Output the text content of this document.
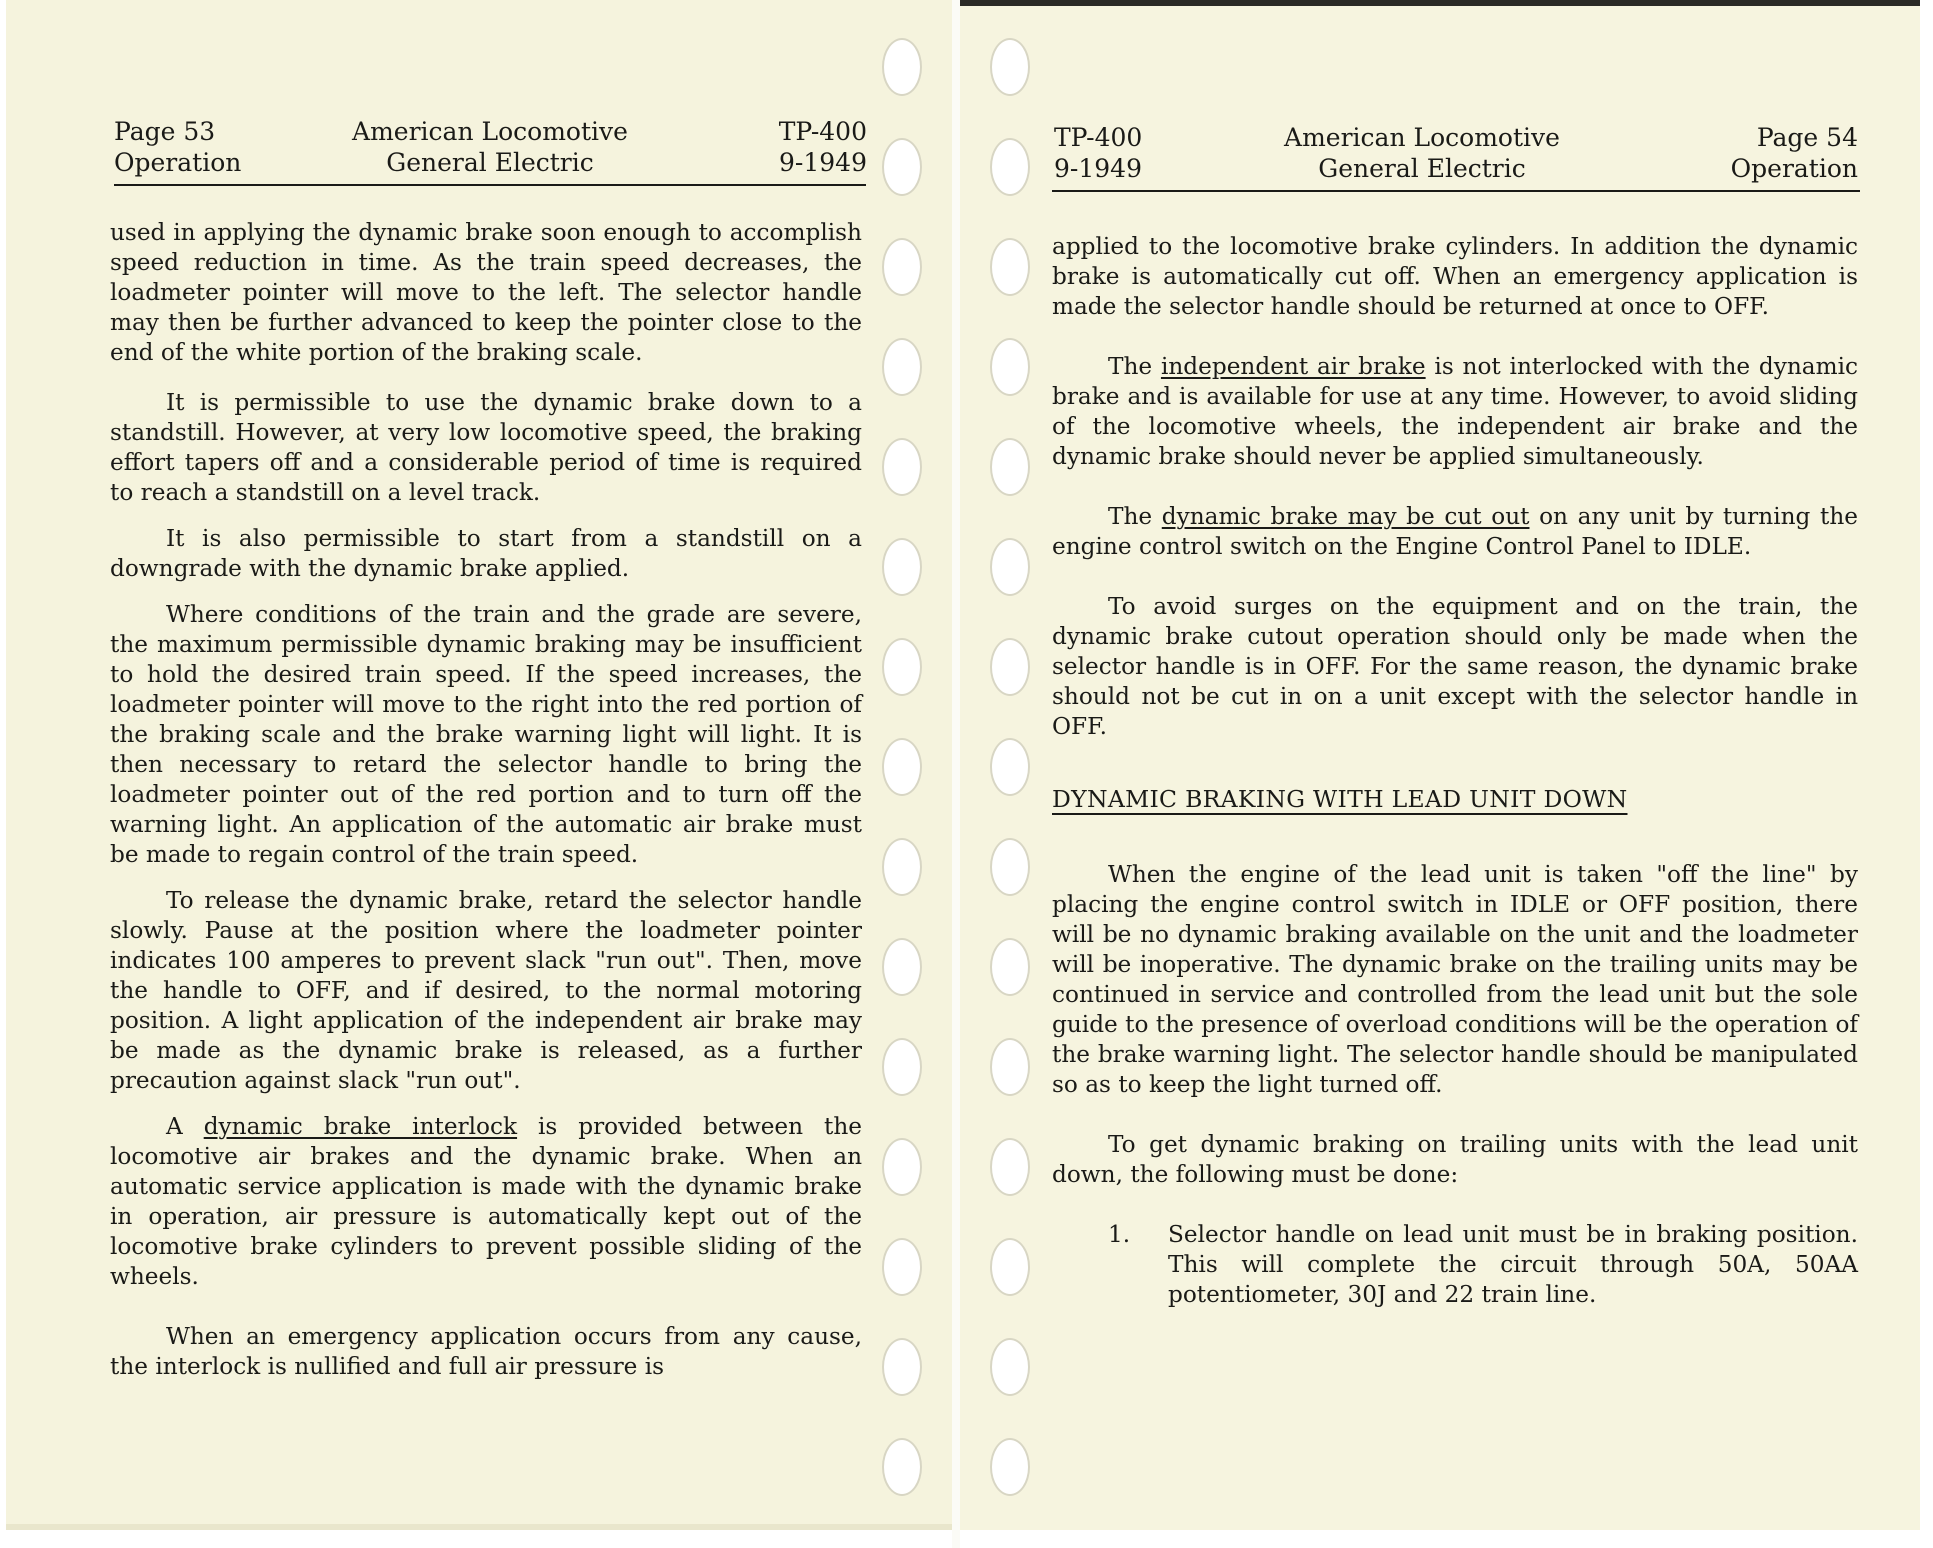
Page 53
Operation
American Locomotive
General Electric
TP-400
9-1949

used in applying the dynamic brake soon enough to accomplish speed reduction in time. As the train speed decreases, the loadmeter pointer will move to the left. The selector handle may then be further advanced to keep the pointer close to the end of the white portion of the braking scale.

It is permissible to use the dynamic brake down to a standstill. However, at very low locomotive speed, the braking effort tapers off and a considerable period of time is required to reach a standstill on a level track.

It is also permissible to start from a standstill on a downgrade with the dynamic brake applied.

Where conditions of the train and the grade are severe, the maximum permissible dynamic braking may be insufficient to hold the desired train speed. If the speed increases, the loadmeter pointer will move to the right into the red portion of the braking scale and the brake warning light will light. It is then necessary to retard the selector handle to bring the loadmeter pointer out of the red portion and to turn off the warning light. An application of the automatic air brake must be made to regain control of the train speed.

To release the dynamic brake, retard the selector handle slowly. Pause at the position where the loadmeter pointer indicates 100 amperes to prevent slack "run out". Then, move the handle to OFF, and if desired, to the normal motoring position. A light application of the independent air brake may be made as the dynamic brake is released, as a further precaution against slack "run out".

A dynamic brake interlock is provided between the locomotive air brakes and the dynamic brake. When an automatic service application is made with the dynamic brake in operation, air pressure is automatically kept out of the locomotive brake cylinders to prevent possible sliding of the wheels.

When an emergency application occurs from any cause, the interlock is nullified and full air pressure is

TP-400
9-1949
American Locomotive
General Electric
Page 54
Operation

applied to the locomotive brake cylinders. In addition the dynamic brake is automatically cut off. When an emergency application is made the selector handle should be returned at once to OFF.

The independent air brake is not interlocked with the dynamic brake and is available for use at any time. However, to avoid sliding of the locomotive wheels, the independent air brake and the dynamic brake should never be applied simultaneously.

The dynamic brake may be cut out on any unit by turning the engine control switch on the Engine Control Panel to IDLE.

To avoid surges on the equipment and on the train, the dynamic brake cutout operation should only be made when the selector handle is in OFF. For the same reason, the dynamic brake should not be cut in on a unit except with the selector handle in OFF.

DYNAMIC BRAKING WITH LEAD UNIT DOWN

When the engine of the lead unit is taken "off the line" by placing the engine control switch in IDLE or OFF position, there will be no dynamic braking available on the unit and the loadmeter will be inoperative. The dynamic brake on the trailing units may be continued in service and controlled from the lead unit but the sole guide to the presence of overload conditions will be the operation of the brake warning light. The selector handle should be manipulated so as to keep the light turned off.

To get dynamic braking on trailing units with the lead unit down, the following must be done:

1.	Selector handle on lead unit must be in braking position. This will complete the circuit through 50A, 50AA potentiometer, 30J and 22 train line.
